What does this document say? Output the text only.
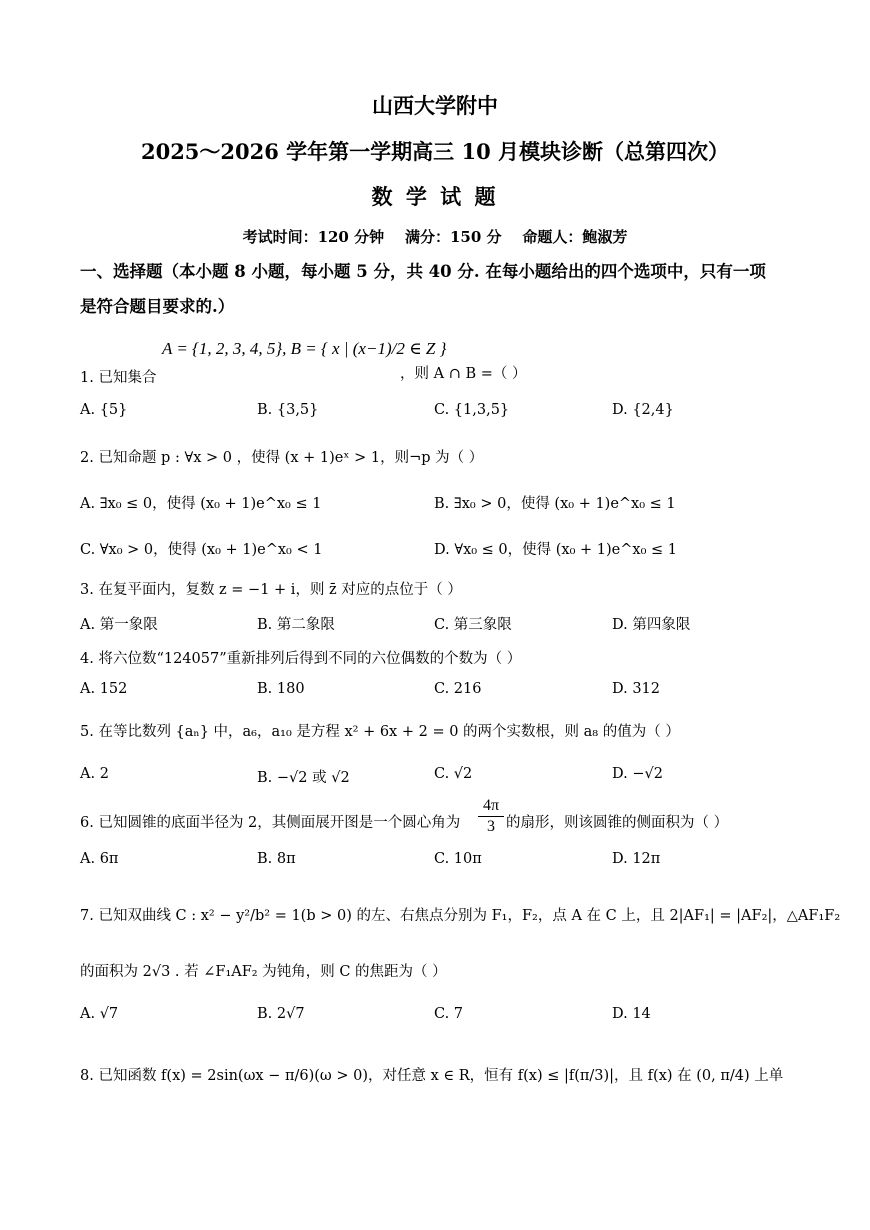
山西大学附中
2025～2026 学年第一学期高三 10 月模块诊断（总第四次）
数 学 试 题
考试时间：120 分钟    满分：150 分    命题人：鲍淑芳
一、选择题（本小题 8 小题，每小题 5 分，共 40 分. 在每小题给出的四个选项中，只有一项
是符合题目要求的.）
A = {1, 2, 3, 4, 5}, B = { x | (x−1)/2 ∈ Z }
1. 已知集合	，则 A ∩ B =（ ）
A. {5}	B. {3,5}	C. {1,3,5}	D. {2,4}
2. 已知命题 p : ∀x > 0 ，使得 (x + 1)eˣ > 1，则¬p 为（ ）
A. ∃x₀ ≤ 0，使得 (x₀ + 1)e^x₀ ≤ 1	B. ∃x₀ > 0，使得 (x₀ + 1)e^x₀ ≤ 1
C. ∀x₀ > 0，使得 (x₀ + 1)e^x₀ < 1	D. ∀x₀ ≤ 0，使得 (x₀ + 1)e^x₀ ≤ 1
3. 在复平面内，复数 z = −1 + i，则 z̄ 对应的点位于（ ）
A. 第一象限	B. 第二象限	C. 第三象限	D. 第四象限
4. 将六位数“124057”重新排列后得到不同的六位偶数的个数为（ ）
A. 152	B. 180	C. 216	D. 312
5. 在等比数列 {aₙ} 中，a₆，a₁₀ 是方程 x² + 6x + 2 = 0 的两个实数根，则 a₈ 的值为（ ）
A. 2	B. −√2 或 √2	C. √2	D. −√2
6. 已知圆锥的底面半径为 2，其侧面展开图是一个圆心角为 $\frac{4\pi}{3}$ 的扇形，则该圆锥的侧面积为（ ）
A. 6π	B. 8π	C. 10π	D. 12π
7. 已知双曲线 C : x² − y²/b² = 1(b > 0) 的左、右焦点分别为 F₁，F₂，点 A 在 C 上，且 2|AF₁| = |AF₂|，△AF₁F₂
的面积为 2√3 . 若 ∠F₁AF₂ 为钝角，则 C 的焦距为（ ）
A. √7	B. 2√7	C. 7	D. 14
8. 已知函数 f(x) = 2sin(ωx − π/6)(ω > 0)，对任意 x ∈ R，恒有 f(x) ≤ |f(π/3)|，且 f(x) 在 (0, π/4) 上单
